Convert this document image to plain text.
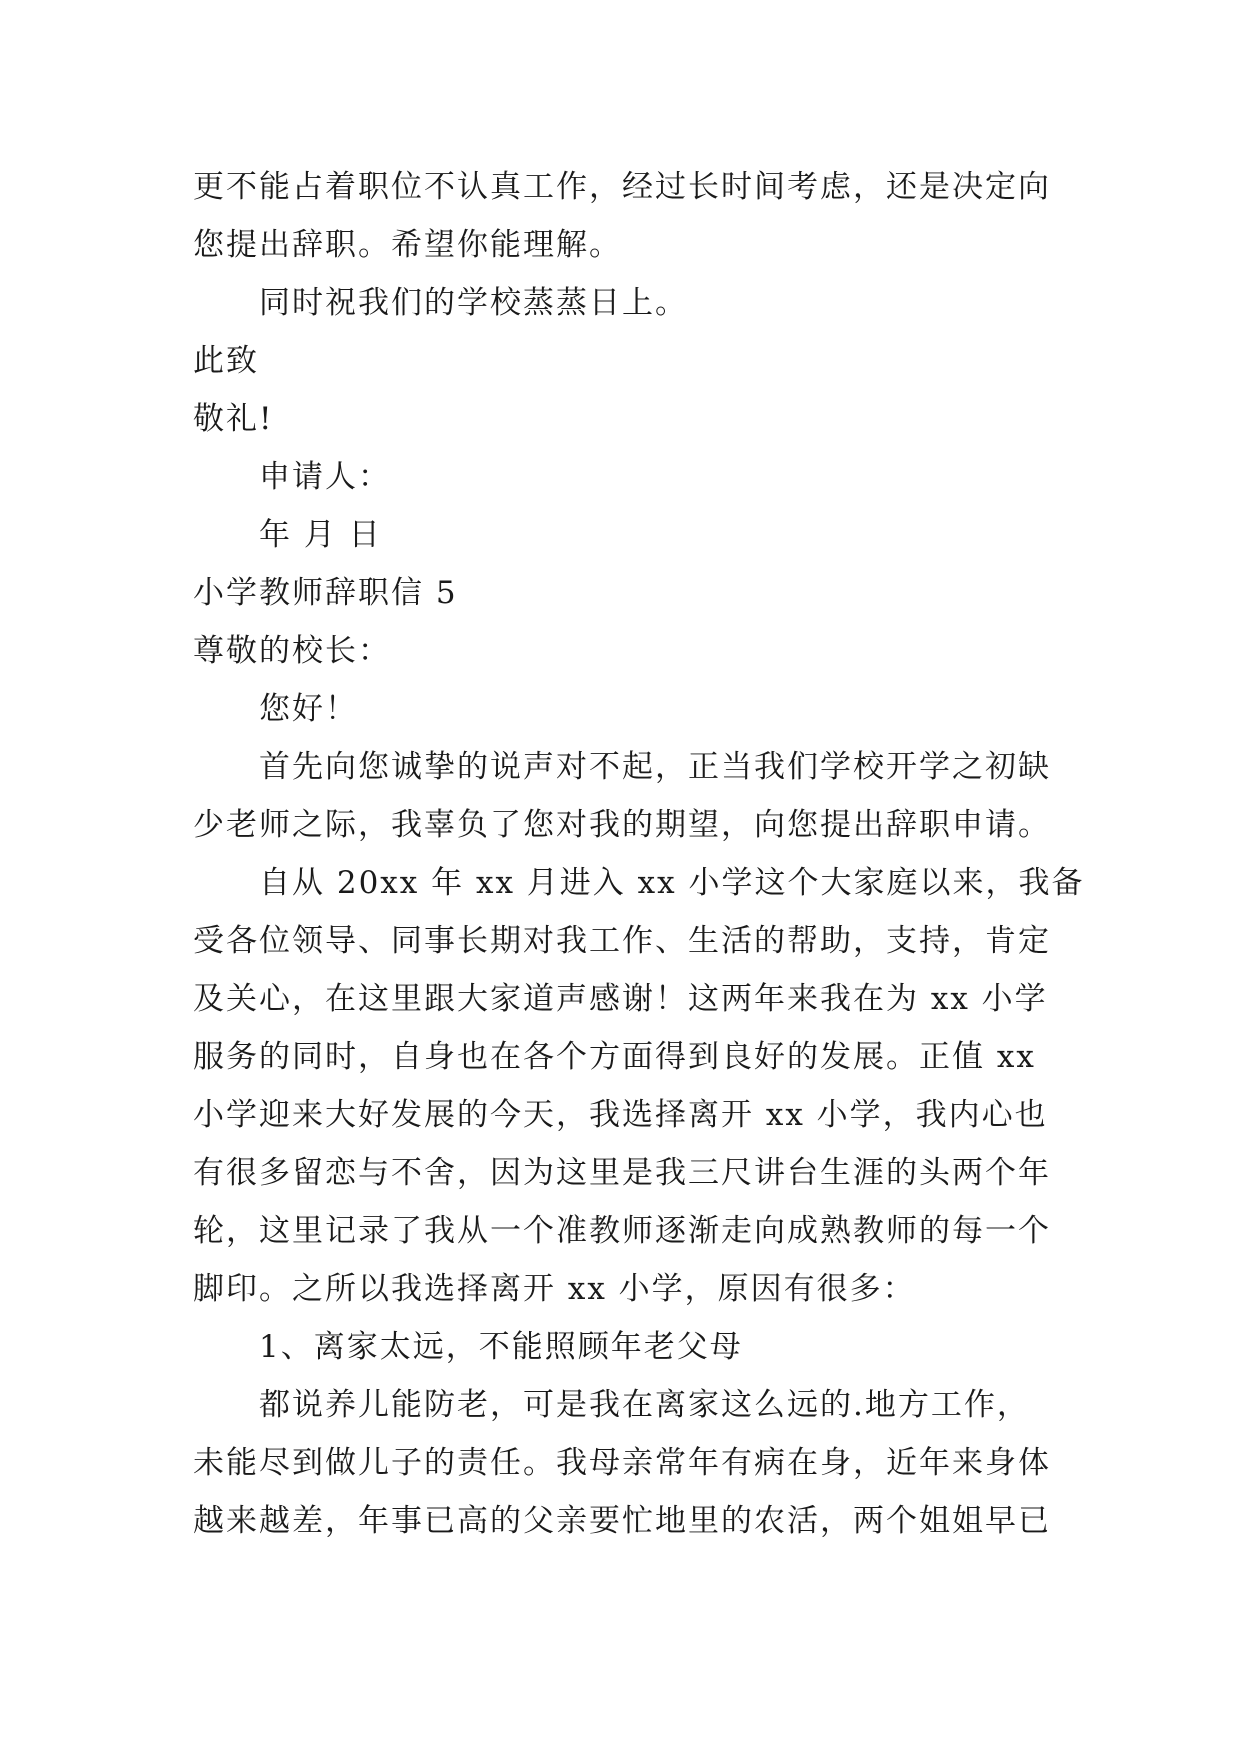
更不能占着职位不认真工作，经过长时间考虑，还是决定向
您提出辞职。希望你能理解。
同时祝我们的学校蒸蒸日上。
此致
敬礼!
申请人：
年 月 日
小学教师辞职信 5
尊敬的校长：
您好！
首先向您诚挚的说声对不起，正当我们学校开学之初缺
少老师之际，我辜负了您对我的期望，向您提出辞职申请。
自从 20xx 年 xx 月进入 xx 小学这个大家庭以来，我备
受各位领导、同事长期对我工作、生活的帮助，支持，肯定
及关心，在这里跟大家道声感谢！这两年来我在为 xx 小学
服务的同时，自身也在各个方面得到良好的发展。正值 xx
小学迎来大好发展的今天，我选择离开 xx 小学，我内心也
有很多留恋与不舍，因为这里是我三尺讲台生涯的头两个年
轮，这里记录了我从一个准教师逐渐走向成熟教师的每一个
脚印。之所以我选择离开 xx 小学，原因有很多：
1、离家太远，不能照顾年老父母
都说养儿能防老，可是我在离家这么远的.地方工作，
未能尽到做儿子的责任。我母亲常年有病在身，近年来身体
越来越差，年事已高的父亲要忙地里的农活，两个姐姐早已
